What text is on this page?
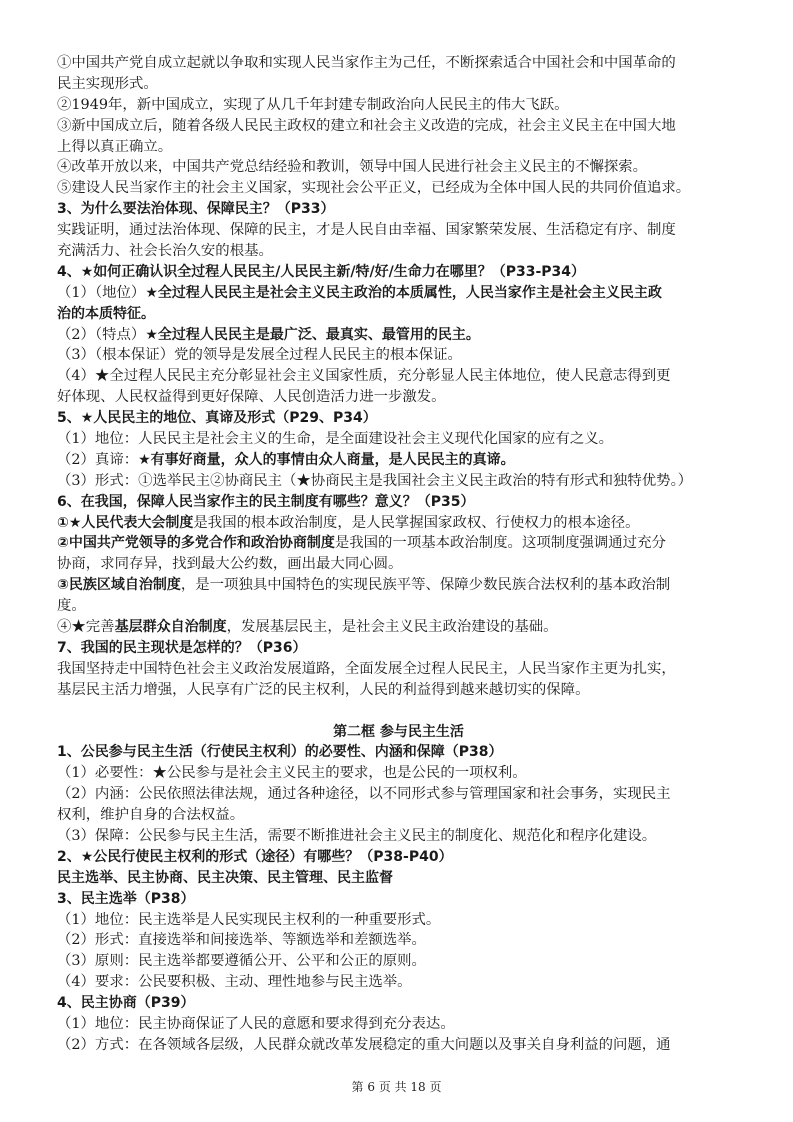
①中国共产党自成立起就以争取和实现人民当家作主为己任，不断探索适合中国社会和中国革命的
民主实现形式。
②1949年，新中国成立，实现了从几千年封建专制政治向人民民主的伟大飞跃。
③新中国成立后，随着各级人民民主政权的建立和社会主义改造的完成，社会主义民主在中国大地
上得以真正确立。
④改革开放以来，中国共产党总结经验和教训，领导中国人民进行社会主义民主的不懈探索。
⑤建设人民当家作主的社会主义国家，实现社会公平正义，已经成为全体中国人民的共同价值追求。
3、为什么要法治体现、保障民主？（P33）
实践证明，通过法治体现、保障的民主，才是人民自由幸福、国家繁荣发展、生活稳定有序、制度
充满活力、社会长治久安的根基。
4、★如何正确认识全过程人民民主/人民民主新/特/好/生命力在哪里？（P33-P34）
（1）（地位）★全过程人民民主是社会主义民主政治的本质属性，人民当家作主是社会主义民主政
治的本质特征。
（2）（特点）★全过程人民民主是最广泛、最真实、最管用的民主。
（3）（根本保证）党的领导是发展全过程人民民主的根本保证。
（4）★全过程人民民主充分彰显社会主义国家性质，充分彰显人民主体地位，使人民意志得到更
好体现、人民权益得到更好保障、人民创造活力进一步激发。
5、★人民民主的地位、真谛及形式（P29、P34）
（1）地位：人民民主是社会主义的生命，是全面建设社会主义现代化国家的应有之义。
（2）真谛：★有事好商量，众人的事情由众人商量，是人民民主的真谛。
（3）形式：①选举民主②协商民主（★协商民主是我国社会主义民主政治的特有形式和独特优势。）
6、在我国，保障人民当家作主的民主制度有哪些？意义？（P35）
①★人民代表大会制度是我国的根本政治制度，是人民掌握国家政权、行使权力的根本途径。
②中国共产党领导的多党合作和政治协商制度是我国的一项基本政治制度。这项制度强调通过充分
协商，求同存异，找到最大公约数，画出最大同心圆。
③民族区域自治制度，是一项独具中国特色的实现民族平等、保障少数民族合法权利的基本政治制
度。
④★完善基层群众自治制度，发展基层民主，是社会主义民主政治建设的基础。
7、我国的民主现状是怎样的？（P36）
我国坚持走中国特色社会主义政治发展道路，全面发展全过程人民民主，人民当家作主更为扎实，
基层民主活力增强，人民享有广泛的民主权利，人民的利益得到越来越切实的保障。
第二框 参与民主生活
1、公民参与民主生活（行使民主权利）的必要性、内涵和保障（P38）
（1）必要性：★公民参与是社会主义民主的要求，也是公民的一项权利。
（2）内涵：公民依照法律法规，通过各种途径，以不同形式参与管理国家和社会事务，实现民主
权利，维护自身的合法权益。
（3）保障：公民参与民主生活，需要不断推进社会主义民主的制度化、规范化和程序化建设。
2、★公民行使民主权利的形式（途径）有哪些？（P38-P40）
民主选举、民主协商、民主决策、民主管理、民主监督
3、民主选举（P38）
（1）地位：民主选举是人民实现民主权利的一种重要形式。
（2）形式：直接选举和间接选举、等额选举和差额选举。
（3）原则：民主选举都要遵循公开、公平和公正的原则。
（4）要求：公民要积极、主动、理性地参与民主选举。
4、民主协商（P39）
（1）地位：民主协商保证了人民的意愿和要求得到充分表达。
（2）方式：在各领域各层级，人民群众就改革发展稳定的重大问题以及事关自身利益的问题，通
第 6 页 共 18 页
